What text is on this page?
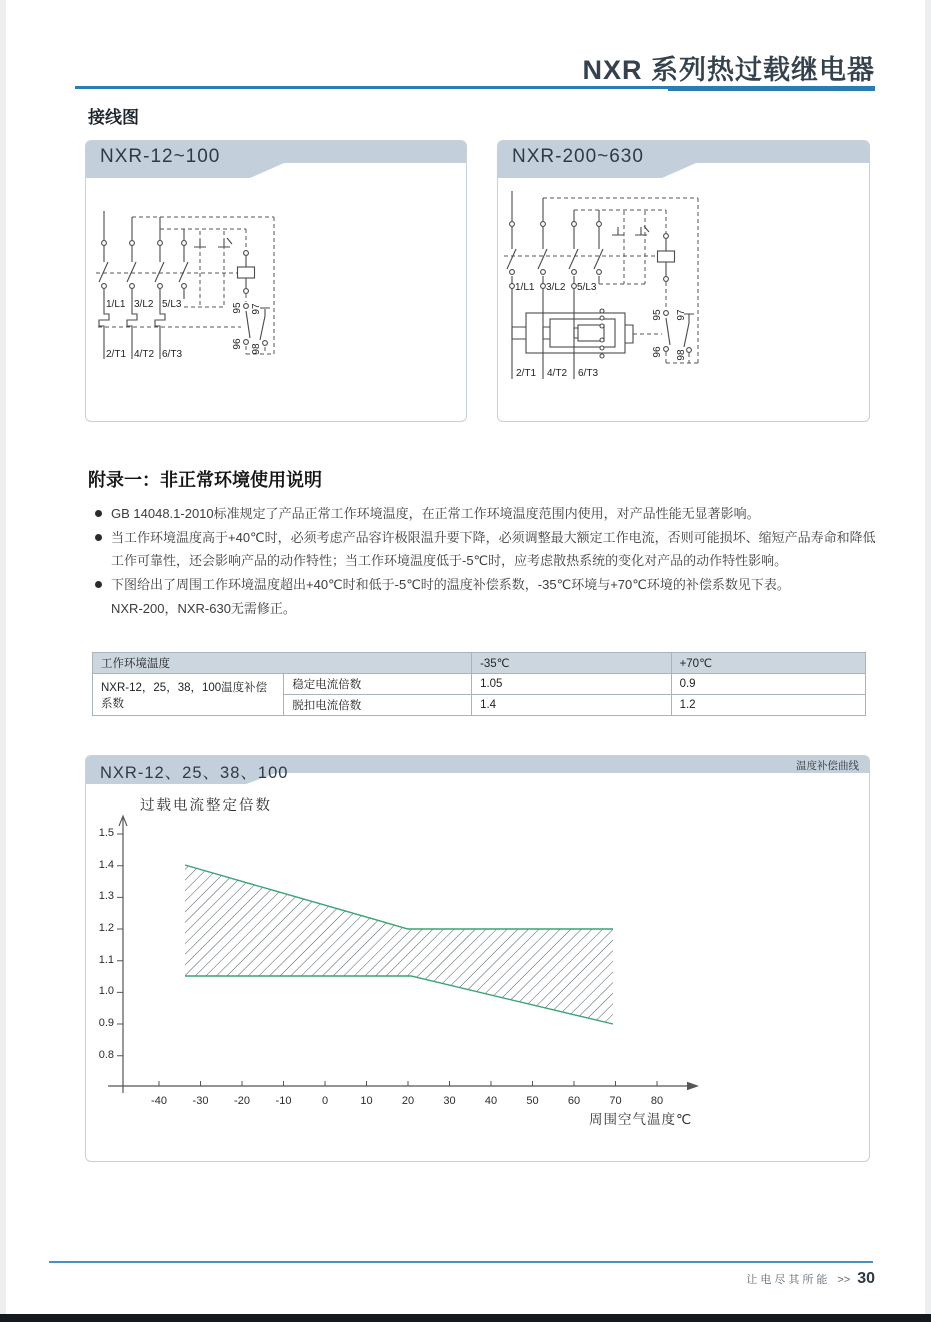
NXR 系列热过载继电器
接线图
NXR-12~100
1/L1 3/L2 5/L3
2/T1 4/T2 6/T3
95
96
97
98
NXR-200~630
1/L1 3/L2 5/L3
2/T1 4/T2 6/T3
95
96
97
98
附录一：非正常环境使用说明
GB 14048.1-2010标准规定了产品正常工作环境温度，在正常工作环境温度范围内使用，对产品性能无显著影响。
当工作环境温度高于+40℃时，必须考虑产品容许极限温升要下降，必须调整最大额定工作电流，否则可能损坏、缩短产品寿命和降低工作可靠性，还会影响产品的动作特性；当工作环境温度低于-5℃时，应考虑散热系统的变化对产品的动作特性影响。
下图给出了周围工作环境温度超出+40℃时和低于-5℃时的温度补偿系数，-35℃环境与+70℃环境的补偿系数见下表。
NXR-200，NXR-630无需修正。
工作环境温度		-35℃	+70℃
NXR-12，25，38，100温度补偿系数	稳定电流倍数	1.05	0.9
	脱扣电流倍数	1.4	1.2
NXR-12、25、38、100	温度补偿曲线
过载电流整定倍数
周围空气温度℃
1.5
1.4
1.3
1.2
1.1
1.0
0.9
0.8
-40	-30	-20	-10	0	10	20	30	40	50	60	70	80
让电尽其所能 >> 30
